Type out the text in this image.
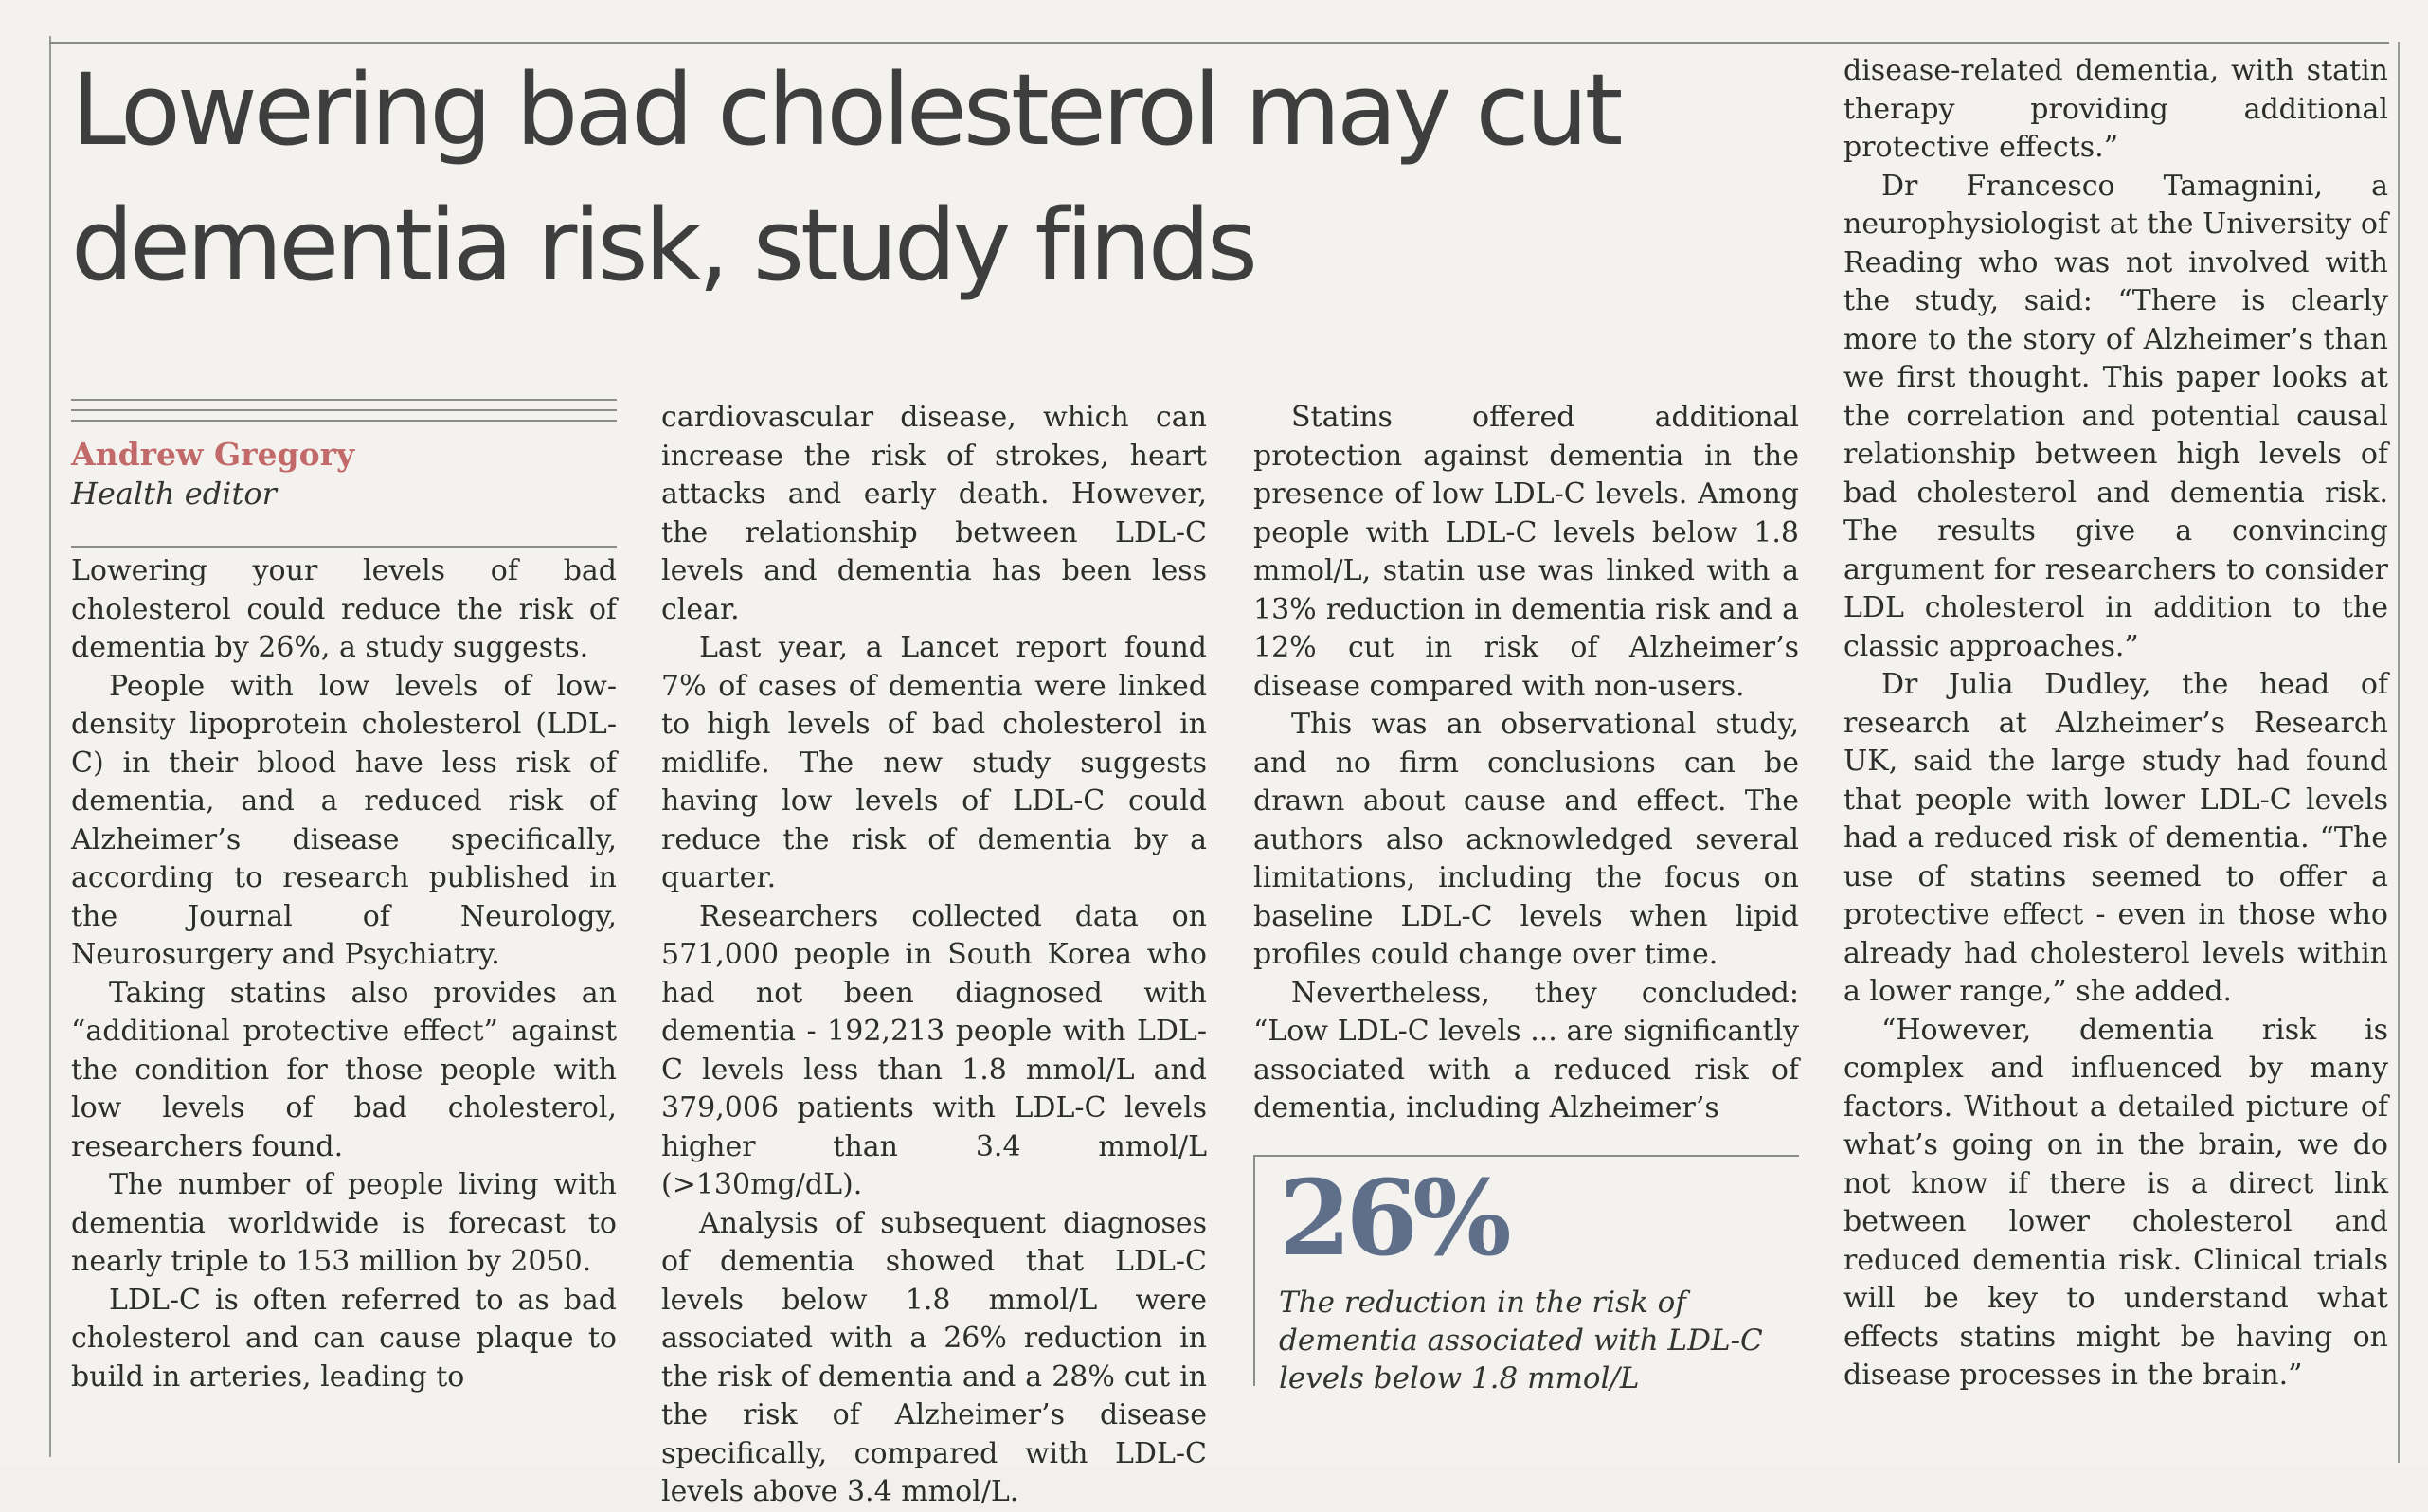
Lowering bad cholesterol may cut dementia risk, study finds

Andrew Gregory

Health editor

Lowering your levels of bad cholesterol could reduce the risk of dementia by 26%, a study suggests.

People with low levels of low-density lipoprotein cholesterol (LDL-C) in their blood have less risk of dementia, and a reduced risk of Alzheimer’s disease specifically, according to research published in the Journal of Neurology, Neurosurgery and Psychiatry.

Taking statins also provides an “additional protective effect” against the condition for those people with low levels of bad cholesterol, researchers found.

The number of people living with dementia worldwide is forecast to nearly triple to 153 million by 2050.

LDL-C is often referred to as bad cholesterol and can cause plaque to build in arteries, leading to

cardiovascular disease, which can increase the risk of strokes, heart attacks and early death. However, the relationship between LDL-C levels and dementia has been less clear.

Last year, a Lancet report found 7% of cases of dementia were linked to high levels of bad cholesterol in midlife. The new study suggests having low levels of LDL-C could reduce the risk of dementia by a quarter.

Researchers collected data on 571,000 people in South Korea who had not been diagnosed with dementia - 192,213 people with LDL-C levels less than 1.8 mmol/L and 379,006 patients with LDL-C levels higher than 3.4 mmol/L (>130mg/dL).

Analysis of subsequent diagnoses of dementia showed that LDL-C levels below 1.8 mmol/L were associated with a 26% reduction in the risk of dementia and a 28% cut in the risk of Alzheimer’s disease specifically, compared with LDL-C levels above 3.4 mmol/L.

Statins offered additional protection against dementia in the presence of low LDL-C levels. Among people with LDL-C levels below 1.8 mmol/L, statin use was linked with a 13% reduction in dementia risk and a 12% cut in risk of Alzheimer’s disease compared with non-users.

This was an observational study, and no firm conclusions can be drawn about cause and effect. The authors also acknowledged several limitations, including the focus on baseline LDL-C levels when lipid profiles could change over time.

Nevertheless, they concluded: “Low LDL-C levels ... are significantly associated with a reduced risk of dementia, including Alzheimer’s

26%

The reduction in the risk of dementia associated with LDL-C levels below 1.8 mmol/L

disease-related dementia, with statin therapy providing additional protective effects.”

Dr Francesco Tamagnini, a neurophysiologist at the University of Reading who was not involved with the study, said: “There is clearly more to the story of Alzheimer’s than we first thought. This paper looks at the correlation and potential causal relationship between high levels of bad cholesterol and dementia risk. The results give a convincing argument for researchers to consider LDL cholesterol in addition to the classic approaches.”

Dr Julia Dudley, the head of research at Alzheimer’s Research UK, said the large study had found that people with lower LDL-C levels had a reduced risk of dementia. “The use of statins seemed to offer a protective effect - even in those who already had cholesterol levels within a lower range,” she added.

“However, dementia risk is complex and influenced by many factors. Without a detailed picture of what’s going on in the brain, we do not know if there is a direct link between lower cholesterol and reduced dementia risk. Clinical trials will be key to understand what effects statins might be having on disease processes in the brain.”
